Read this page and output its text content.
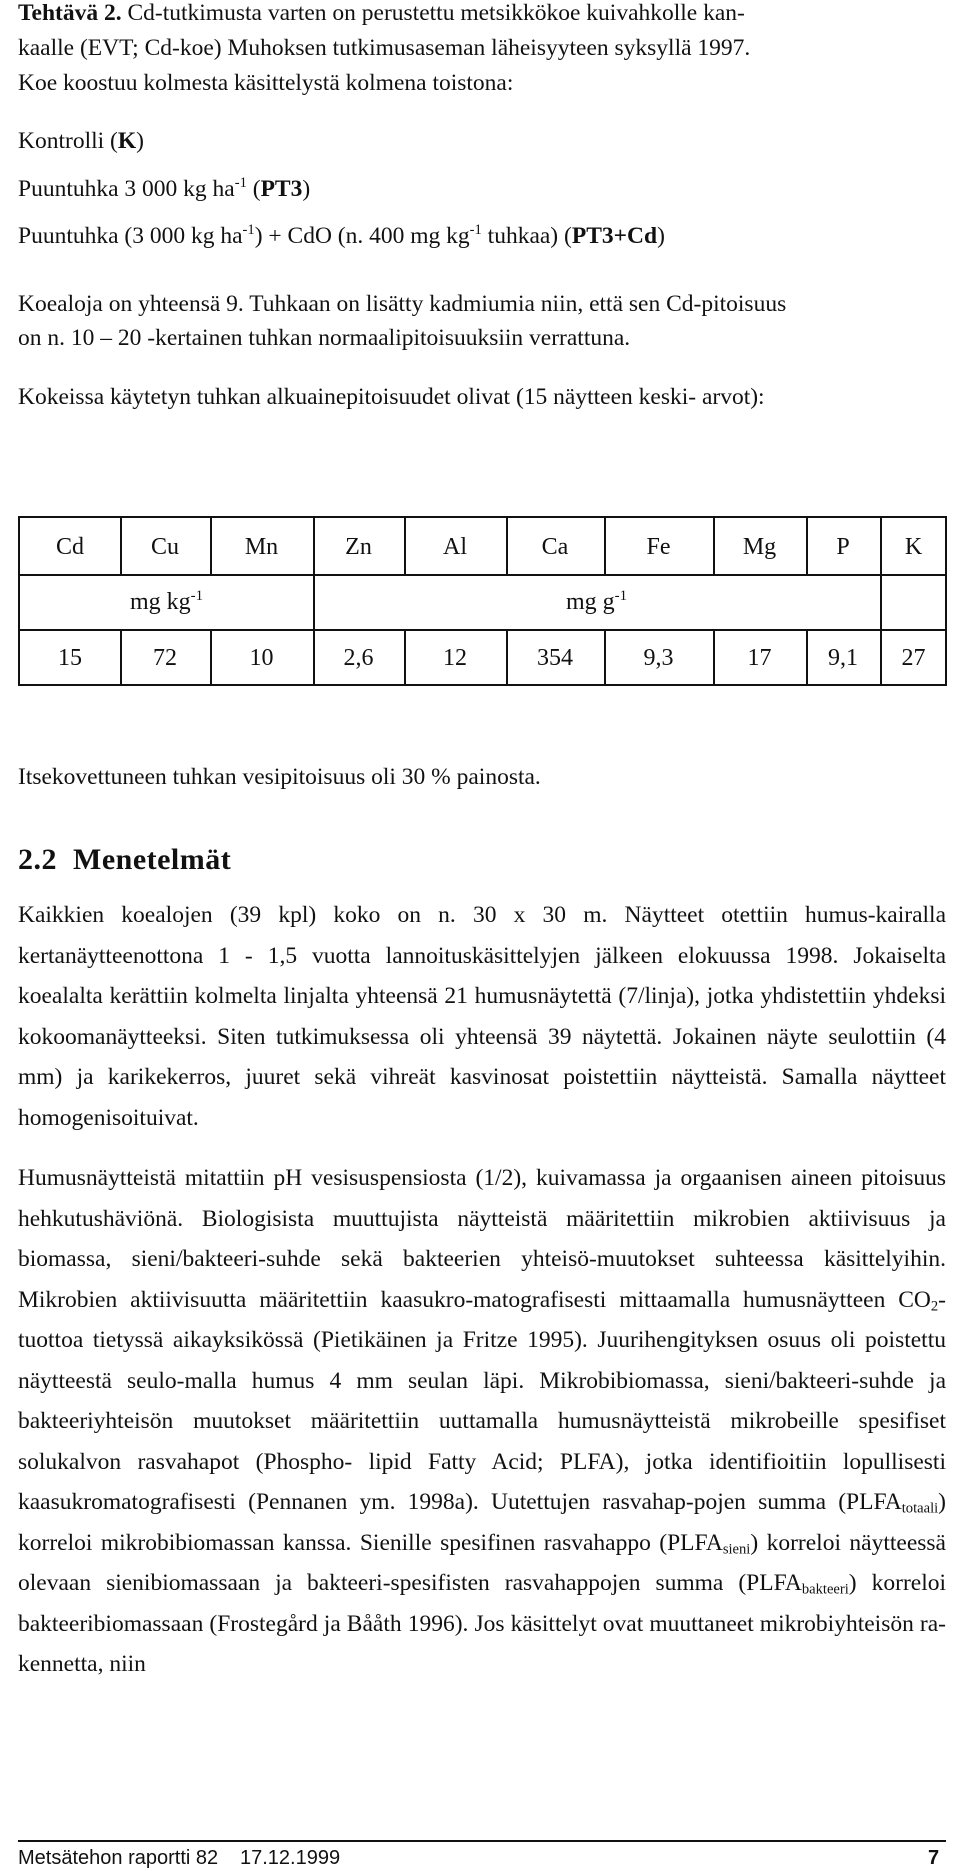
Tehtävä 2. Cd-tutkimusta varten on perustettu metsikkökoe kuivahkolle kan-
kaalle (EVT; Cd-koe) Muhoksen tutkimusaseman läheisyyteen syksyllä 1997.
Koe koostuu kolmesta käsittelystä kolmena toistona:
Kontrolli (K)
Puuntuhka 3 000 kg $ha^{-1}$ (PT3)
Puuntuhka (3 000 kg $ha^{-1}$) + CdO (n. 400 mg $kg^{-1}$ tuhkaa) (PT3+Cd)
Koealoja on yhteensä 9. Tuhkaan on lisätty kadmiumia niin, että sen Cd-pitoisuus
on n. 10 – 20 -kertainen tuhkan normaalipitoisuuksiin verrattuna.
Kokeissa käytetyn tuhkan alkuainepitoisuudet olivat (15 näytteen keski- arvot):
Cd	Cu	Mn	Zn	Al	Ca	Fe	Mg	P	K
mg $kg^{-1}$	mg $g^{-1}$
15	72	10	2,6	12	354	9,3	17	9,1	27
Itsekovettuneen tuhkan vesipitoisuus oli 30 % painosta.
2.2 Menetelmät
Kaikkien koealojen (39 kpl) koko on n. 30 x 30 m. Näytteet otettiin humus-kairalla kertanäytteenottona 1 - 1,5 vuotta lannoituskäsittelyjen jälkeen elokuussa 1998. Jokaiselta koealalta kerättiin kolmelta linjalta yhteensä 21 humusnäytettä (7/linja), jotka yhdistettiin yhdeksi kokoomanäytteeksi. Siten tutkimuksessa oli yhteensä 39 näytettä. Jokainen näyte seulottiin (4 mm) ja karikekerros, juuret sekä vihreät kasvinosat poistettiin näytteistä. Samalla näytteet homogenisoituivat.
Humusnäytteistä mitattiin pH vesisuspensiosta (1/2), kuivamassa ja orgaanisen aineen pitoisuus hehkutushäviönä. Biologisista muuttujista näytteistä määritettiin mikrobien aktiivisuus ja biomassa, sieni/bakteeri-suhde sekä bakteerien yhteisö-muutokset suhteessa käsittelyihin. Mikrobien aktiivisuutta määritettiin kaasukro-matografisesti mittaamalla humusnäytteen $CO_2$-tuottoa tietyssä aikayksikössä (Pietikäinen ja Fritze 1995). Juurihengityksen osuus oli poistettu näytteestä seulo-malla humus 4 mm seulan läpi. Mikrobibiomassa, sieni/bakteeri-suhde ja bakteeriyhteisön muutokset määritettiin uuttamalla humusnäytteistä mikrobeille spesifiset solukalvon rasvahapot (Phospho- lipid Fatty Acid; PLFA), jotka identifioitiin lopullisesti kaasukromatografisesti (Pennanen ym. 1998a). Uutettujen rasvahap-pojen summa $(PLFA_{totaali})$ korreloi mikrobibiomassan kanssa. Sienille spesifinen rasvahappo $(PLFA_{sieni})$ korreloi näytteessä olevaan sienibiomassaan ja bakteeri-spesifisten rasvahappojen summa $(PLFA_{bakteeri})$ korreloi bakteeribiomassaan (Frostegård ja Bååth 1996). Jos käsittelyt ovat muuttaneet mikrobiyhteisön ra-kennetta, niin
Metsätehon raportti 82 17.12.1999	7
